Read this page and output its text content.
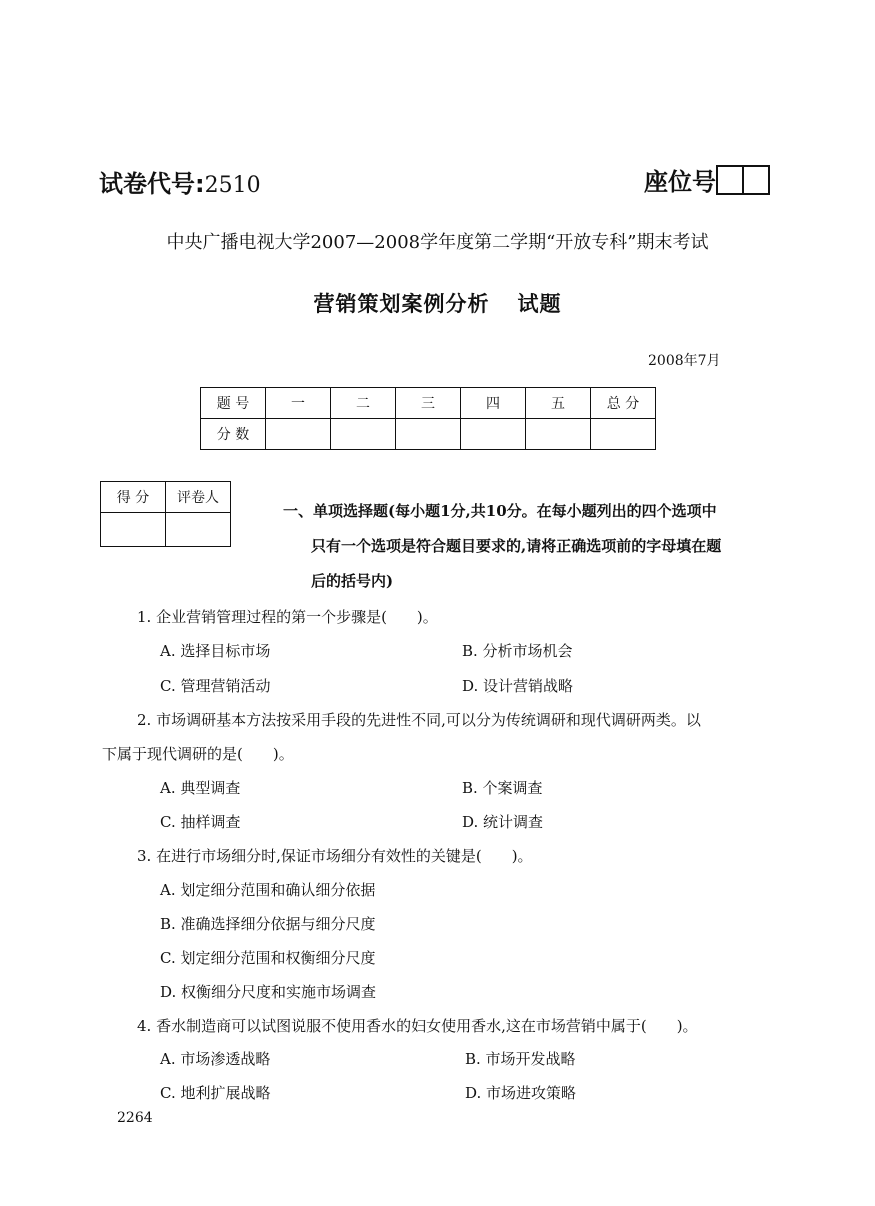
试卷代号:2510	座位号
中央广播电视大学2007—2008学年度第二学期“开放专科”期末考试
营销策划案例分析 试题
2008年7月
题 号	一	二	三	四	五	总 分
分 数						
得 分	评卷人

一、单项选择题(每小题1分,共10分。在每小题列出的四个选项中
只有一个选项是符合题目要求的,请将正确选项前的字母填在题
后的括号内)
1. 企业营销管理过程的第一个步骤是(　　)。
A. 选择目标市场	B. 分析市场机会
C. 管理营销活动	D. 设计营销战略
2. 市场调研基本方法按采用手段的先进性不同,可以分为传统调研和现代调研两类。以
下属于现代调研的是(　　)。
A. 典型调查	B. 个案调查
C. 抽样调查	D. 统计调查
3. 在进行市场细分时,保证市场细分有效性的关键是(　　)。
A. 划定细分范围和确认细分依据
B. 准确选择细分依据与细分尺度
C. 划定细分范围和权衡细分尺度
D. 权衡细分尺度和实施市场调查
4. 香水制造商可以试图说服不使用香水的妇女使用香水,这在市场营销中属于(　　)。
A. 市场渗透战略	B. 市场开发战略
C. 地利扩展战略	D. 市场进攻策略
2264
